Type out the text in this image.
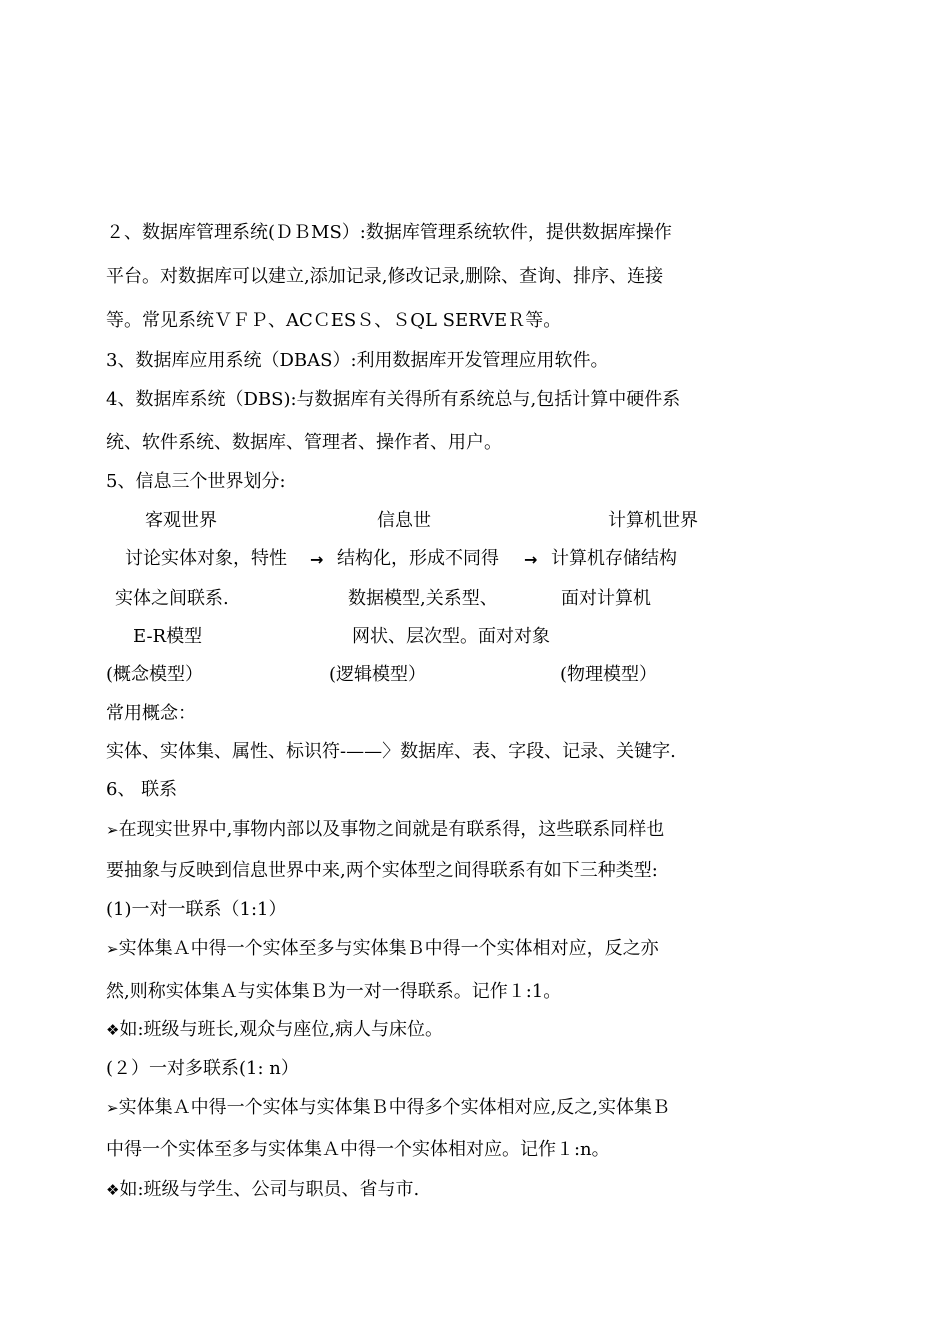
２、数据库管理系统(ＤＢMS）:数据库管理系统软件，提供数据库操作
平台。对数据库可以建立,添加记录,修改记录,删除、查询、排序、连接
等。常见系统ＶＦＰ、ACＣESＳ、ＳQL SERVEＲ等。
3、数据库应用系统（DBAS）:利用数据库开发管理应用软件。
4、数据库系统（DBS):与数据库有关得所有系统总与,包括计算中硬件系
统、软件系统、数据库、管理者、操作者、用户。
5、信息三个世界划分:
客观世界	信息世	计算机世界
讨论实体对象，特性 → 结构化，形成不同得 → 计算机存储结构
实体之间联系.	数据模型,关系型、	面对计算机
E-R模型	网状、层次型。面对对象
(概念模型）	(逻辑模型）	(物理模型）
常用概念：
实体、实体集、属性、标识符-——〉数据库、表、字段、记录、关键字.
6、 联系
➢在现实世界中,事物内部以及事物之间就是有联系得，这些联系同样也
要抽象与反映到信息世界中来,两个实体型之间得联系有如下三种类型:
(1)一对一联系（1:1）
➢实体集Ａ中得一个实体至多与实体集Ｂ中得一个实体相对应，反之亦
然,则称实体集Ａ与实体集Ｂ为一对一得联系。记作１:1。
❖如:班级与班长,观众与座位,病人与床位。
(２）一对多联系(1: n）
➢实体集Ａ中得一个实体与实体集Ｂ中得多个实体相对应,反之,实体集Ｂ
中得一个实体至多与实体集Ａ中得一个实体相对应。记作１:n。
❖如:班级与学生、公司与职员、省与市.
